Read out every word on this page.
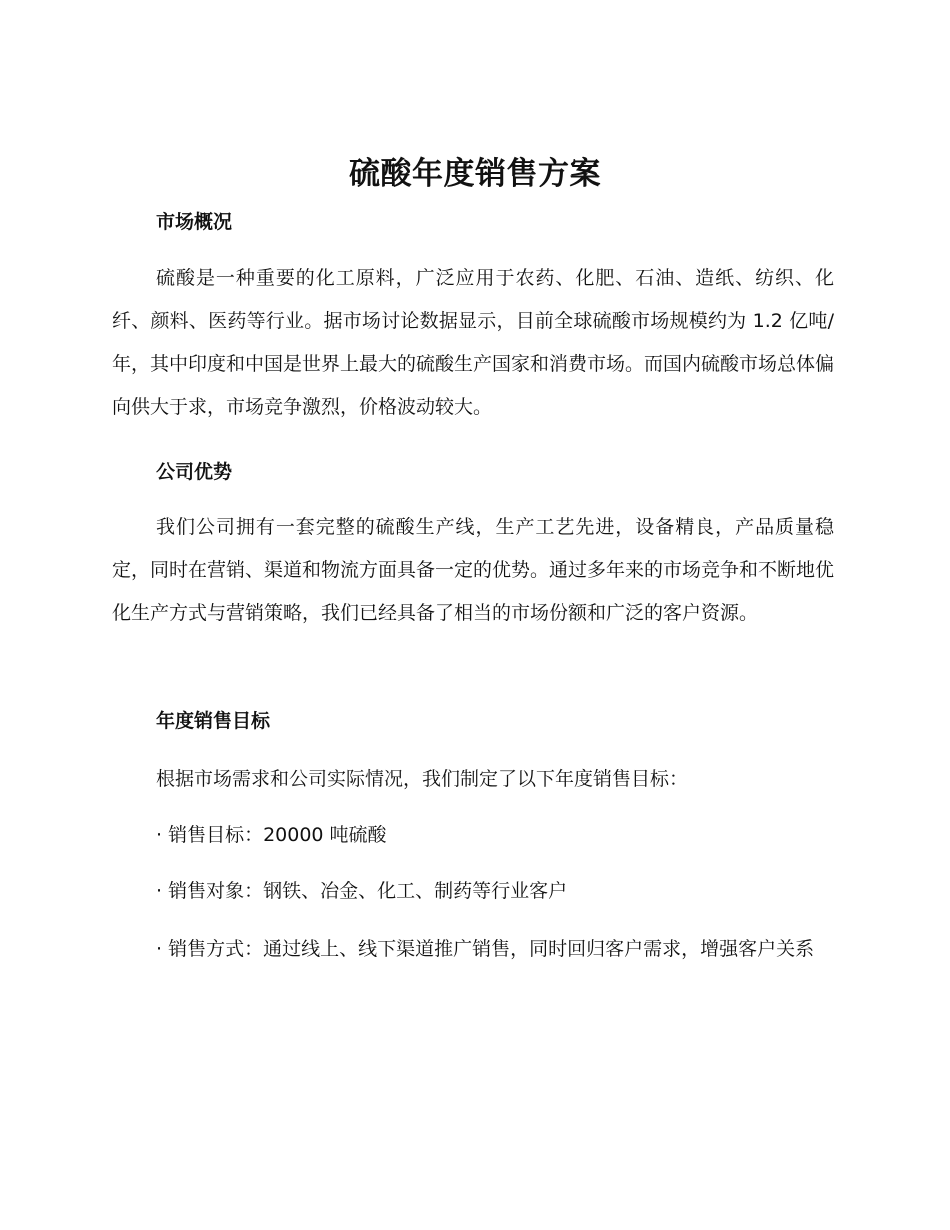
硫酸年度销售方案
市场概况

硫酸是一种重要的化工原料，广泛应用于农药、化肥、石油、造纸、纺织、化纤、颜料、医药等行业。据市场讨论数据显示，目前全球硫酸市场规模约为 1.2 亿吨/年，其中印度和中国是世界上最大的硫酸生产国家和消费市场。而国内硫酸市场总体偏向供大于求，市场竞争激烈，价格波动较大。

公司优势

我们公司拥有一套完整的硫酸生产线，生产工艺先进，设备精良，产品质量稳定，同时在营销、渠道和物流方面具备一定的优势。通过多年来的市场竞争和不断地优化生产方式与营销策略，我们已经具备了相当的市场份额和广泛的客户资源。

年度销售目标
根据市场需求和公司实际情况，我们制定了以下年度销售目标：
· 销售目标：20000 吨硫酸
· 销售对象：钢铁、冶金、化工、制药等行业客户

· 销售方式：通过线上、线下渠道推广销售，同时回归客户需求，增强客户关系
